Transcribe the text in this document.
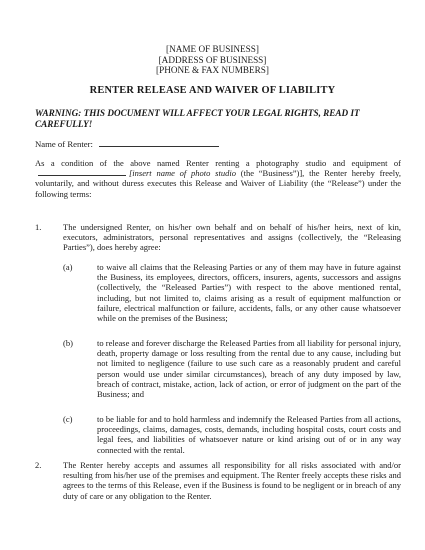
[NAME OF BUSINESS]
[ADDRESS OF BUSINESS]
[PHONE & FAX NUMBERS]
RENTER RELEASE AND WAIVER OF LIABILITY
WARNING: THIS DOCUMENT WILL AFFECT YOUR LEGAL RIGHTS, READ IT CAREFULLY!
Name of Renter:
As a condition of the above named Renter renting a photography studio and equipment of[insert name of photo studio (the “Business”)], the Renter hereby freely, voluntarily, and without duress executes this Release and Waiver of Liability (the “Release”) under the following terms:
1.	The undersigned Renter, on his/her own behalf and on behalf of his/her heirs, next of kin, executors, administrators, personal representatives and assigns (collectively, the “Releasing Parties”), does hereby agree:
(a)	to waive all claims that the Releasing Parties or any of them may have in future against the Business, its employees, directors, officers, insurers, agents, successors and assigns (collectively, the “Released Parties”) with respect to the above mentioned rental, including, but not limited to, claims arising as a result of equipment malfunction or failure, electrical malfunction or failure, accidents, falls, or any other cause whatsoever while on the premises of the Business;
(b)	to release and forever discharge the Released Parties from all liability for personal injury, death, property damage or loss resulting from the rental due to any cause, including but not limited to negligence (failure to use such care as a reasonably prudent and careful person would use under similar circumstances), breach of any duty imposed by law, breach of contract, mistake, action, lack of action, or error of judgment on the part of the Business; and
(c)	to be liable for and to hold harmless and indemnify the Released Parties from all actions, proceedings, claims, damages, costs, demands, including hospital costs, court costs and legal fees, and liabilities of whatsoever nature or kind arising out of or in any way connected with the rental.
2.	The Renter hereby accepts and assumes all responsibility for all risks associated with and/or resulting from his/her use of the premises and equipment. The Renter freely accepts these risks and agrees to the terms of this Release, even if the Business is found to be negligent or in breach of any duty of care or any obligation to the Renter.
